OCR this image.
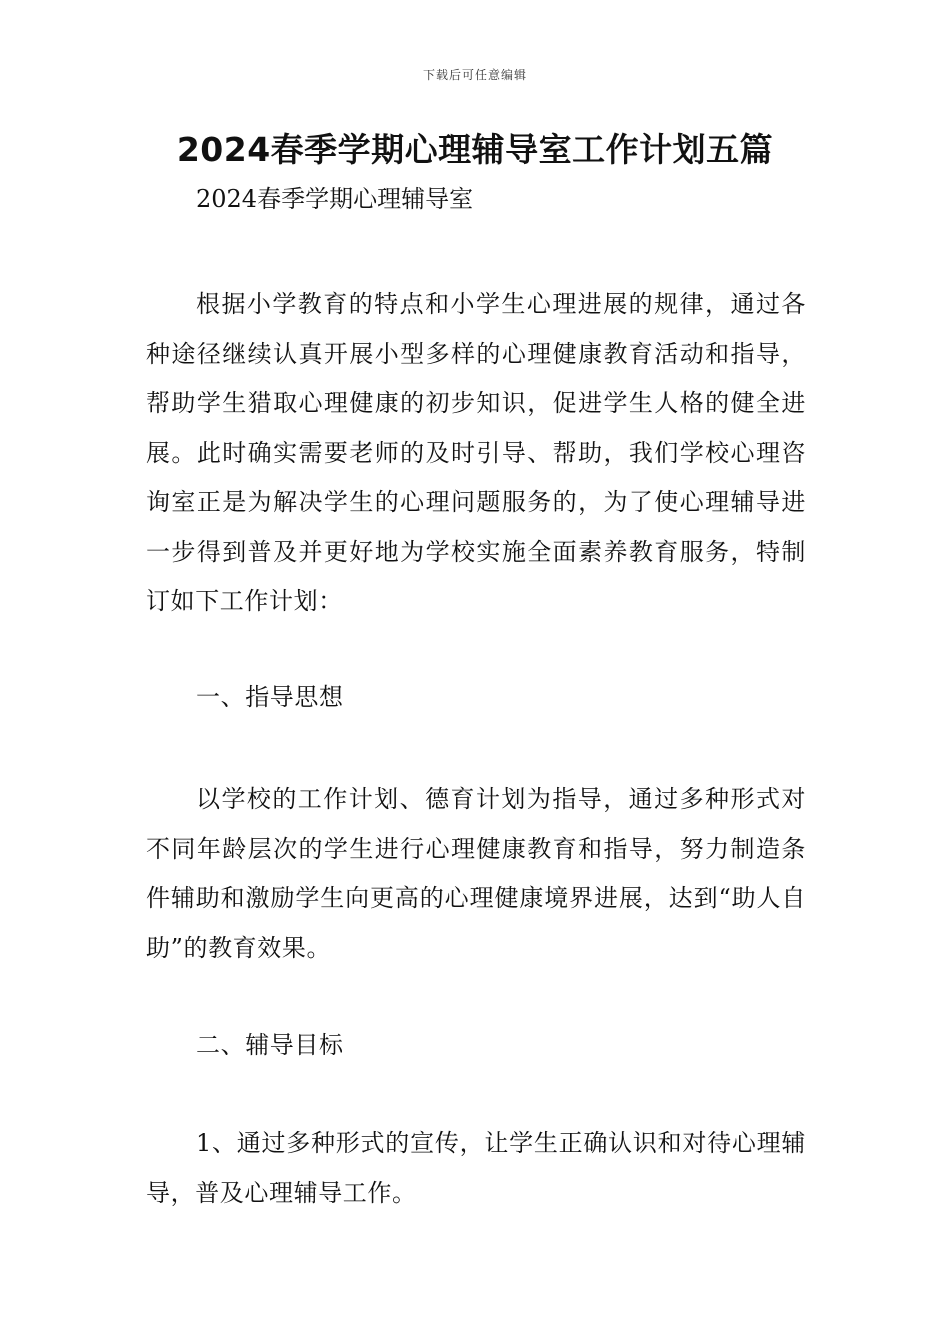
下载后可任意编辑
2024春季学期心理辅导室工作计划五篇
2024春季学期心理辅导室

根据小学教育的特点和小学生心理进展的规律，通过各种途径继续认真开展小型多样的心理健康教育活动和指导，帮助学生猎取心理健康的初步知识，促进学生人格的健全进展。此时确实需要老师的及时引导、帮助，我们学校心理咨询室正是为解决学生的心理问题服务的，为了使心理辅导进一步得到普及并更好地为学校实施全面素养教育服务，特制订如下工作计划：

一、指导思想

以学校的工作计划、德育计划为指导，通过多种形式对不同年龄层次的学生进行心理健康教育和指导，努力制造条件辅助和激励学生向更高的心理健康境界进展，达到“助人自助”的教育效果。

二、辅导目标

1、通过多种形式的宣传，让学生正确认识和对待心理辅导，普及心理辅导工作。
